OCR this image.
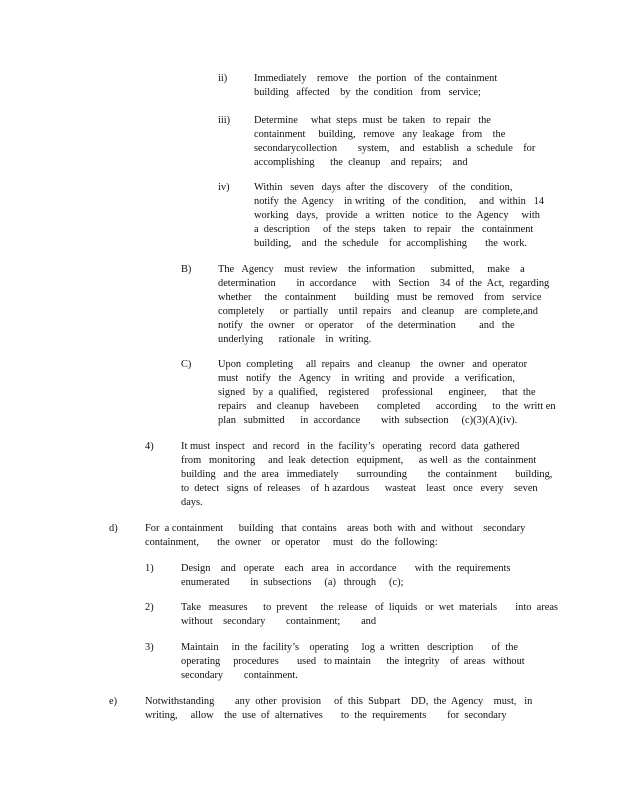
ii)	Immediately    remove    the  portion   of  the  containment
building   affected    by  the  condition   from   service;
iii) Determine     what  steps  must  be  taken   to  repair   the
containment     building,   remove   any  leakage   from    the
secondarycollection        system,    and   establish   a  schedule    for
accomplishing      the  cleanup    and  repairs;    and
iv) Within   seven   days  after  the  discovery    of  the  condition,
notify  the  Agency    in writing   of  the  condition,     and  within   14
working   days,   provide   a  written   notice   to  the  Agency     with
a  description     of  the  steps   taken   to  repair    the   containment
building,    and   the  schedule    for  accomplishing       the  work.
B)	The   Agency    must  review    the  information      submitted,     make    a
determination        in  accordance      with   Section    34  of  the  Act,  regarding
whether     the   containment       building   must  be  removed    from   service
completely      or  partially    until  repairs    and  cleanup    are  complete,and
notify   the  owner    or  operator     of  the  determination         and   the
underlying      rationale    in  writing.
C)	Upon  completing     all  repairs   and  cleanup    the  owner   and  operator
must   notify   the   Agency    in  writing   and  provide    a  verification,
signed   by  a  qualified,    registered     professional      engineer,      that  the
repairs    and  cleanup    havebeen       completed      according      to  the  writt en
plan   submitted      in  accordance        with  subsection     (c)(3)(A)(iv).
4)	It must  inspect   and  record   in  the  facility’s   operating   record  data  gathered
from   monitoring     and  leak  detection   equipment,      as well  as  the  containment
building   and  the  area   immediately       surrounding        the  containment       building,
to  detect   signs  of  releases    of  h azardous      wasteat    least   once   every    seven
days.
d)	For  a containment      building   that  contains    areas  both  with  and  without    secondary
containment,       the  owner    or  operator     must   do  the  following:
1)	Design    and   operate    each   area   in  accordance       with  the  requirements
enumerated        in  subsections     (a)   through     (c);
2)	Take   measures      to  prevent     the  release   of  liquids   or  wet  materials       into  areas
without    secondary        containment;        and
3)	Maintain     in  the  facility’s    operating     log  a  written   description       of  the
operating     procedures       used   to maintain      the  integrity    of  areas   without
secondary        containment.
e)	Notwithstanding        any  other  provision     of  this  Subpart    DD,  the  Agency    must,   in
writing,     allow    the  use  of  alternatives       to  the  requirements        for  secondary
